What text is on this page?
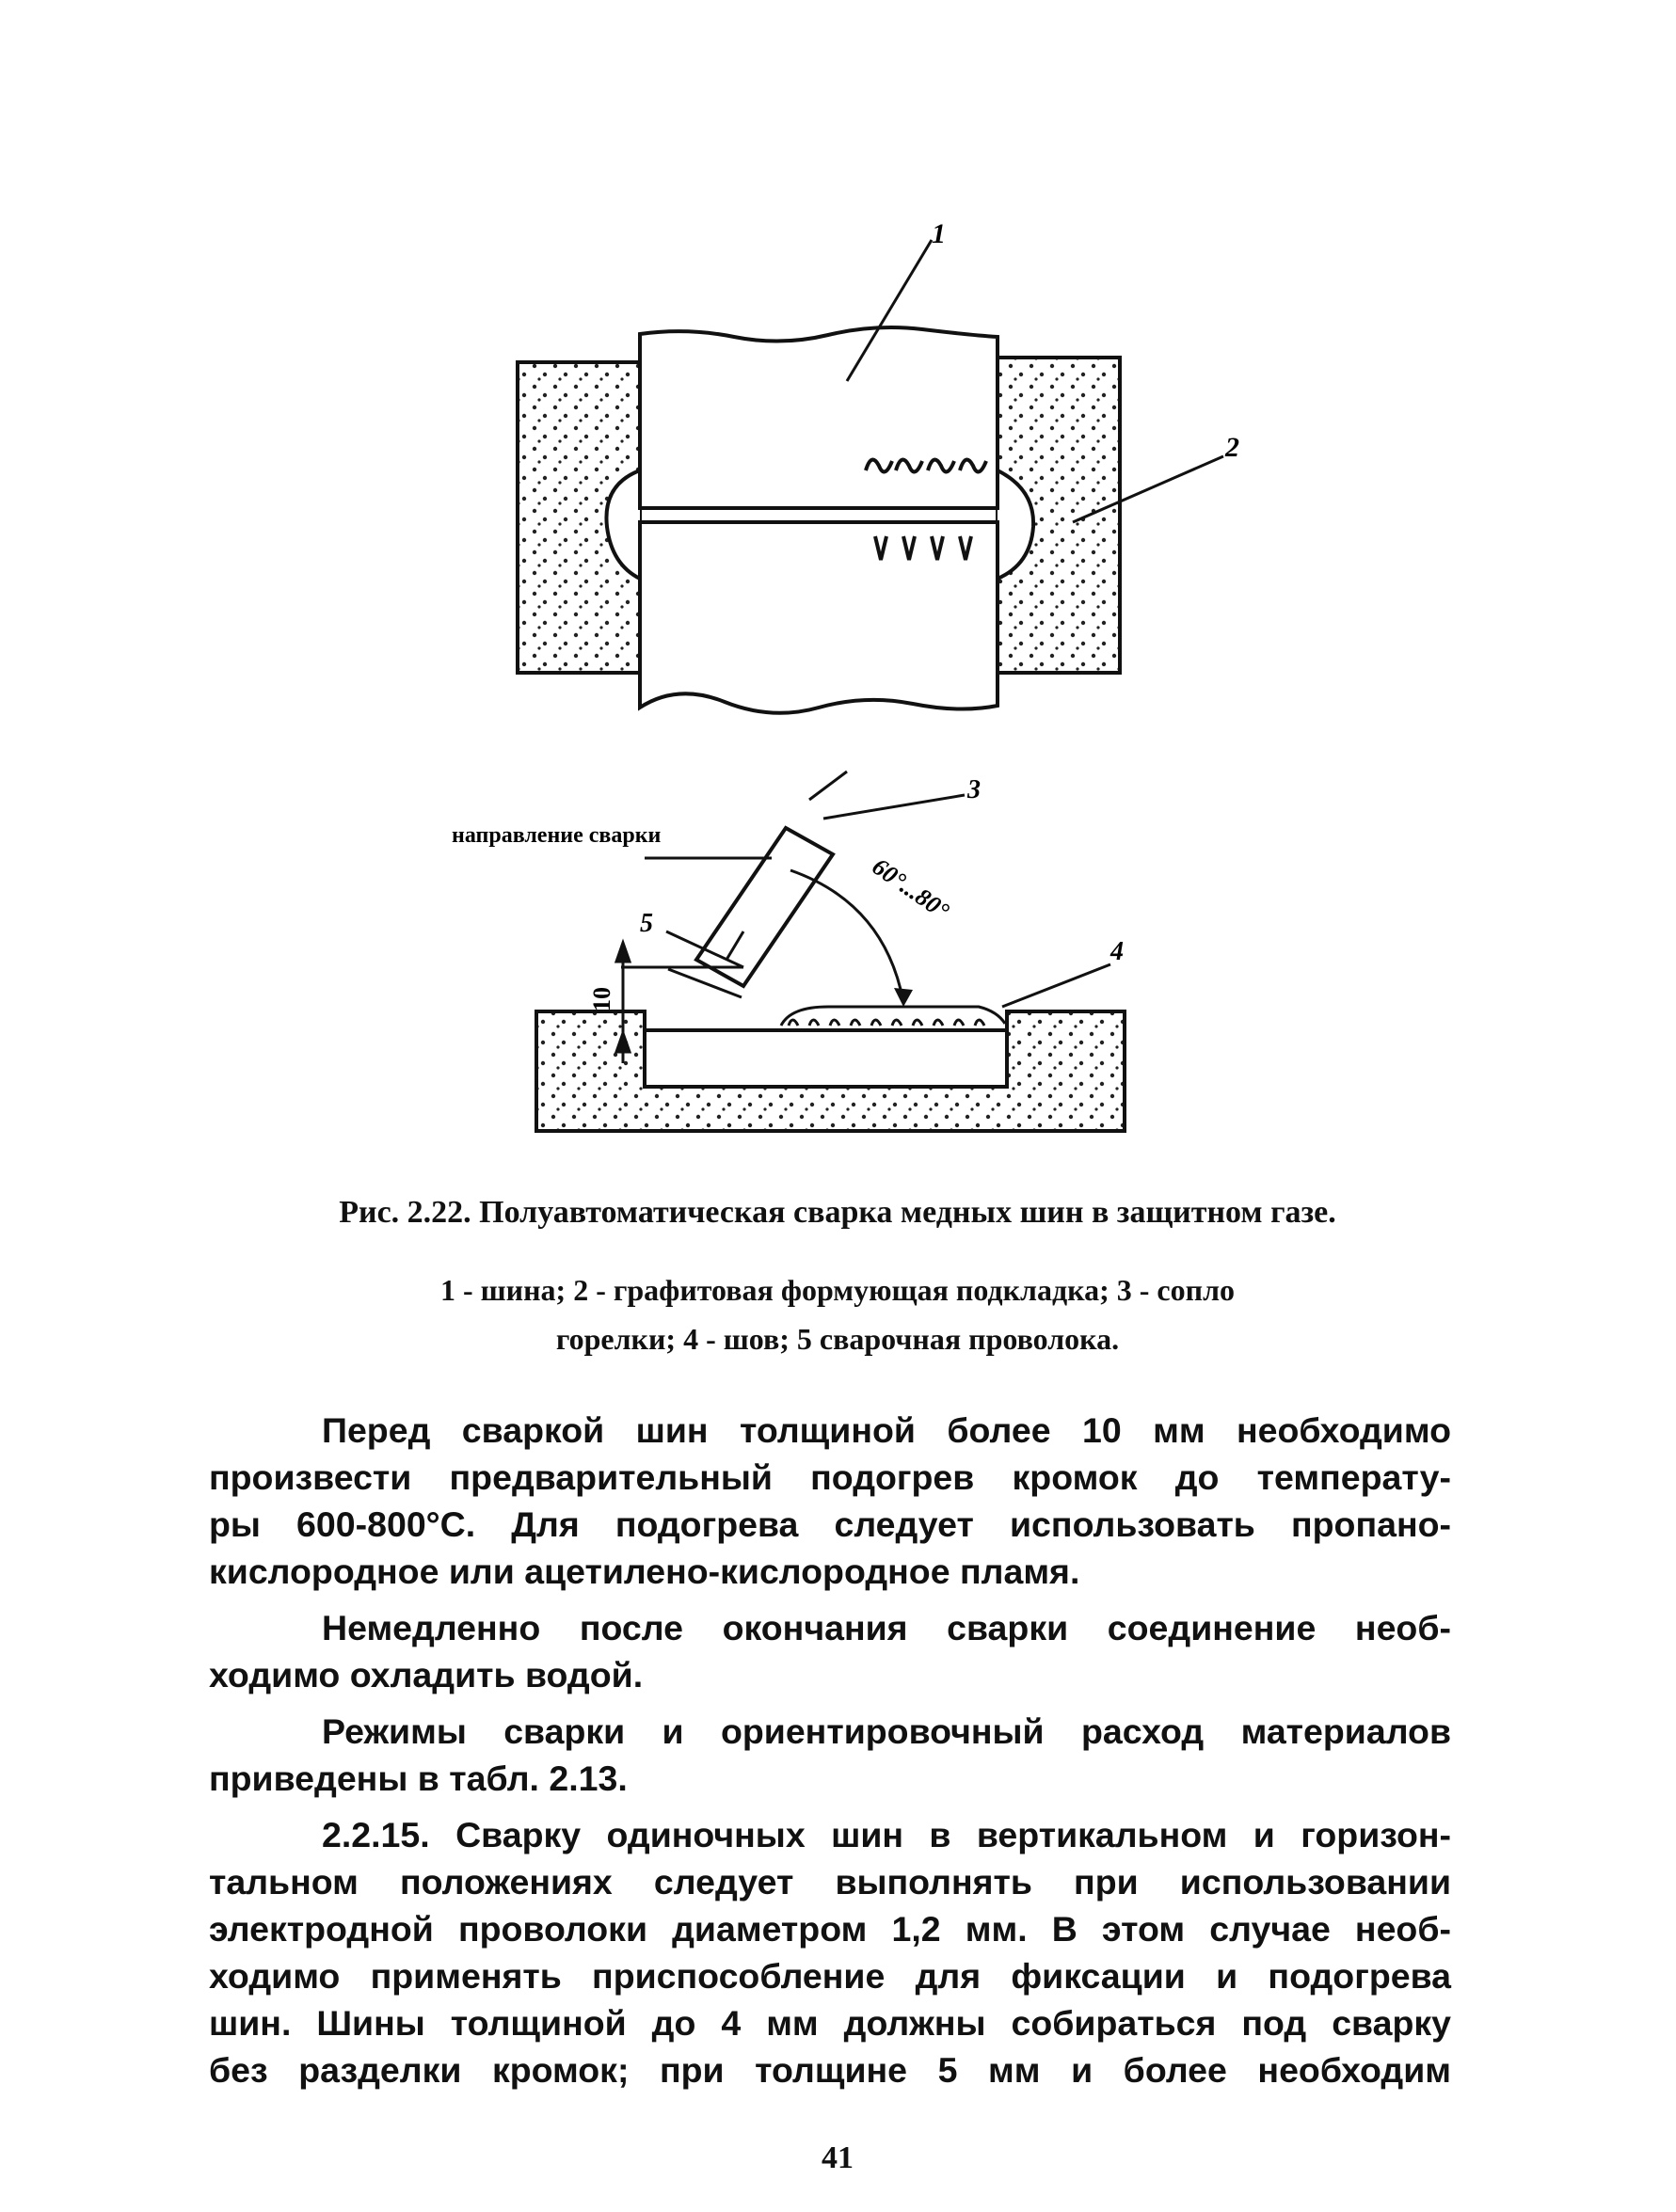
1
2
10
60°...80°
3
4
5
направление сварки
Рис. 2.22. Полуавтоматическая сварка медных шин в защитном газе.
1 - шина; 2 - графитовая формующая подкладка; 3 - сопло
горелки; 4 - шов; 5 сварочная проволока.
Перед сваркой шин толщиной более 10 мм необходимо
произвести предварительный подогрев кромок до температу-
ры 600-800°С. Для подогрева следует использовать пропано-
кислородное или ацетилено-кислородное пламя.
Немедленно после окончания сварки соединение необ-
ходимо охладить водой.
Режимы сварки и ориентировочный расход материалов
приведены в табл. 2.13.
2.2.15. Сварку одиночных шин в вертикальном и горизон-
тальном положениях следует выполнять при использовании
электродной проволоки диаметром 1,2 мм. В этом случае необ-
ходимо применять приспособление для фиксации и подогрева
шин. Шины толщиной до 4 мм должны собираться под сварку
без разделки кромок; при толщине 5 мм и более необходим
41
